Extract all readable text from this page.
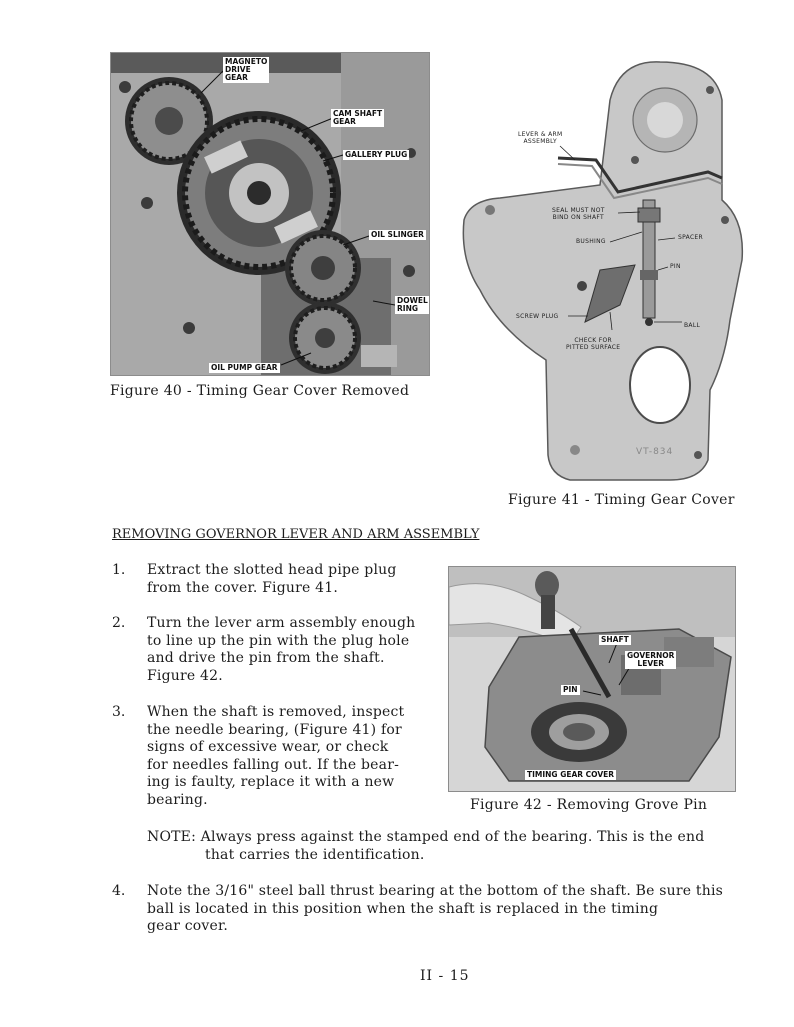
MAGNETO
DRIVE
GEAR
CAM SHAFT
GEAR
GALLERY PLUG
OIL SLINGER
DOWEL
RING
OIL PUMP GEAR
Figure 40 - Timing Gear Cover Removed
LEVER & ARM
ASSEMBLY
SEAL MUST NOT
BIND ON SHAFT
BUSHING
SPACER
PIN
SCREW PLUG
BALL
CHECK FOR
PITTED SURFACE
VT-834
Figure 41 - Timing Gear Cover
REMOVING GOVERNOR LEVER AND ARM ASSEMBLY
1. Extract the slotted head pipe plug
from the cover. Figure 41.
2. Turn the lever arm assembly enough
to line up the pin with the plug hole
and drive the pin from the shaft.
Figure 42.
3. When the shaft is removed, inspect
the needle bearing, (Figure 41) for
signs of excessive wear, or check
for needles falling out. If the bear-
ing is faulty, replace it with a new
bearing.
SHAFT
GOVERNOR
LEVER
PIN
TIMING GEAR COVER
Figure 42 - Removing Grove Pin
NOTE: Always press against the stamped end of the bearing. This is the end
that carries the identification.
4. Note the 3/16" steel ball thrust bearing at the bottom of the shaft. Be sure this
ball is located in this position when the shaft is replaced in the timing
gear cover.
II - 15
